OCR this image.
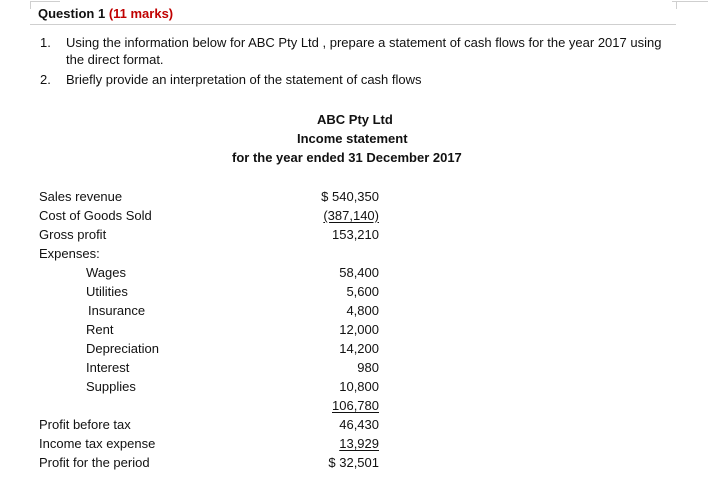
Question 1 (11 marks)
1. Using the information below for ABC Pty Ltd , prepare a statement of cash flows for the year 2017 using the direct format.
2. Briefly provide an interpretation of the statement of cash flows
ABC Pty Ltd
Income statement
for the year ended 31 December 2017
Sales revenue	$ 540,350
Cost of Goods Sold	(387,140)
Gross profit	153,210
Expenses:
Wages	58,400
Utilities	5,600
Insurance	4,800
Rent	12,000
Depreciation	14,200
Interest	980
Supplies	10,800
106,780
Profit before tax	46,430
Income tax expense	13,929
Profit for the period	$ 32,501
